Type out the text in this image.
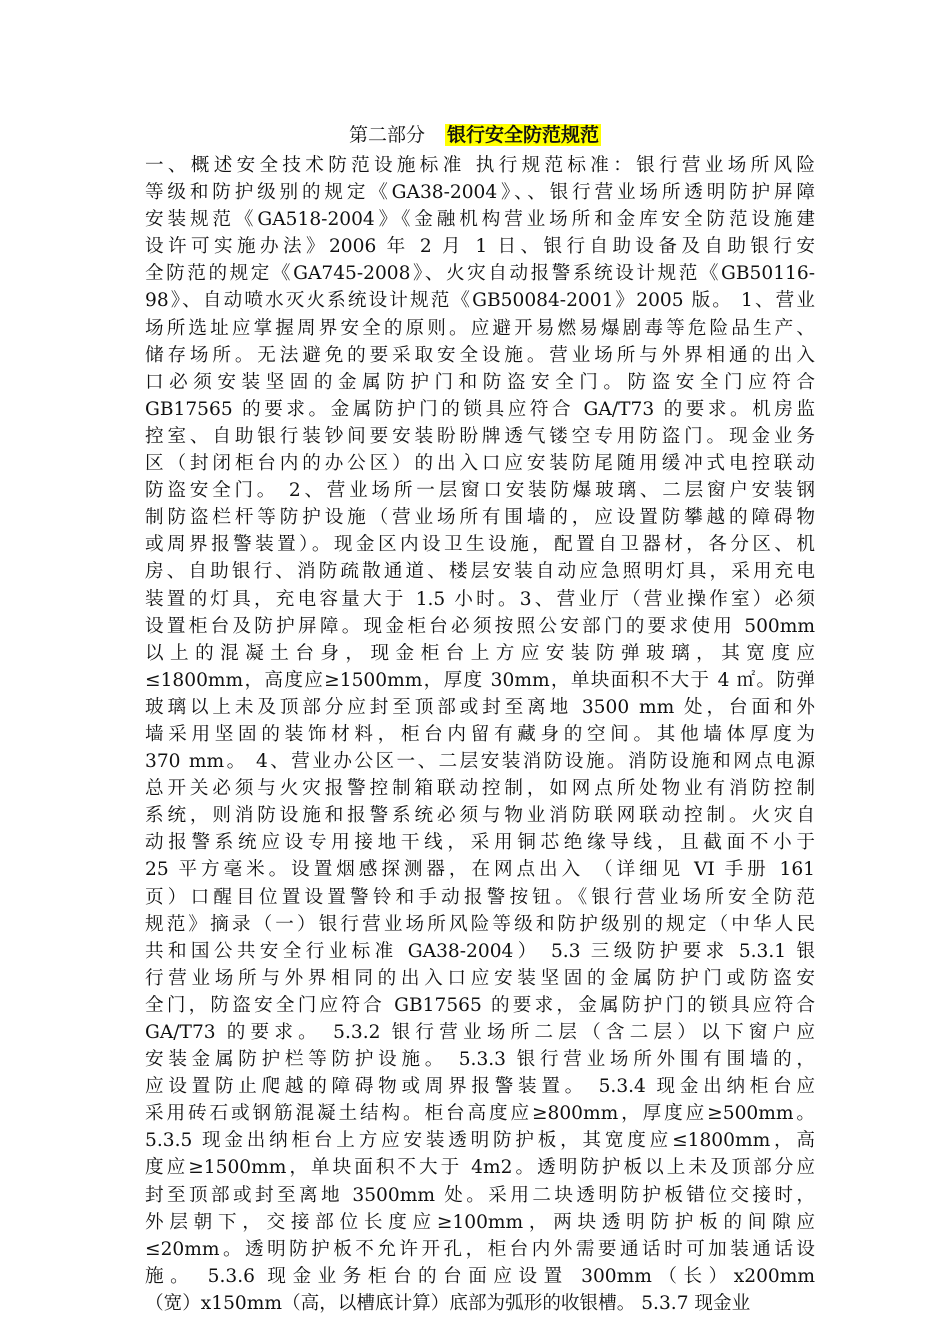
第二部分 银行安全防范规范
一、概述安全技术防范设施标准 执行规范标准：银行营业场所风险
等级和防护级别的规定《GA38-2004》、、银行营业场所透明防护屏障
安装规范《GA518-2004》《金融机构营业场所和金库安全防范设施建
设许可实施办法》2006 年 2 月 1 日、银行自助设备及自助银行安
全防范的规定《GA745-2008》、火灾自动报警系统设计规范《GB50116-
98》、自动喷水灭火系统设计规范《GB50084-2001》2005 版。 1、营业
场所选址应掌握周界安全的原则。应避开易燃易爆剧毒等危险品生产、
储存场所。无法避免的要采取安全设施。营业场所与外界相通的出入
口必须安装坚固的金属防护门和防盗安全门。防盗安全门应符合
GB17565 的要求。金属防护门的锁具应符合 GA/T73 的要求。机房监
控室、自助银行装钞间要安装盼盼牌透气镂空专用防盗门。现金业务
区（封闭柜台内的办公区）的出入口应安装防尾随用缓冲式电控联动
防盗安全门。 2、营业场所一层窗口安装防爆玻璃、二层窗户安装钢
制防盗栏杆等防护设施（营业场所有围墙的，应设置防攀越的障碍物
或周界报警装置）。现金区内设卫生设施，配置自卫器材，各分区、机
房、自助银行、消防疏散通道、楼层安装自动应急照明灯具，采用充电
装置的灯具，充电容量大于 1.5 小时。3、营业厅（营业操作室）必须
设置柜台及防护屏障。现金柜台必须按照公安部门的要求使用 500mm
以上的混凝土台身，现金柜台上方应安装防弹玻璃，其宽度应
≤1800mm，高度应≥1500mm，厚度 30mm，单块面积不大于 4 ㎡。防弹
玻璃以上未及顶部分应封至顶部或封至离地 3500 mm 处，台面和外
墙采用坚固的装饰材料，柜台内留有藏身的空间。其他墙体厚度为
370 mm。 4、营业办公区一、二层安装消防设施。消防设施和网点电源
总开关必须与火灾报警控制箱联动控制，如网点所处物业有消防控制
系统，则消防设施和报警系统必须与物业消防联网联动控制。火灾自
动报警系统应设专用接地干线，采用铜芯绝缘导线，且截面不小于
25 平方毫米。设置烟感探测器，在网点出入 （详细见 VI 手册 161
页）口醒目位置设置警铃和手动报警按钮。《银行营业场所安全防范
规范》摘录（一）银行营业场所风险等级和防护级别的规定（中华人民
共和国公共安全行业标准 GA38-2004） 5.3 三级防护要求 5.3.1 银
行营业场所与外界相同的出入口应安装坚固的金属防护门或防盗安
全门，防盗安全门应符合 GB17565 的要求，金属防护门的锁具应符合
GA/T73 的要求。 5.3.2 银行营业场所二层（含二层）以下窗户应
安装金属防护栏等防护设施。 5.3.3 银行营业场所外围有围墙的，
应设置防止爬越的障碍物或周界报警装置。 5.3.4 现金出纳柜台应
采用砖石或钢筋混凝土结构。柜台高度应≥800mm，厚度应≥500mm。
5.3.5 现金出纳柜台上方应安装透明防护板，其宽度应≤1800mm，高
度应≥1500mm，单块面积不大于 4m2。透明防护板以上未及顶部分应
封至顶部或封至离地 3500mm 处。采用二块透明防护板错位交接时，
外层朝下，交接部位长度应≥100mm，两块透明防护板的间隙应
≤20mm。透明防护板不允许开孔，柜台内外需要通话时可加装通话设
施。 5.3.6 现金业务柜台的台面应设置 300mm（长）x200mm
（宽）x150mm（高，以槽底计算）底部为弧形的收银槽。 5.3.7 现金业
